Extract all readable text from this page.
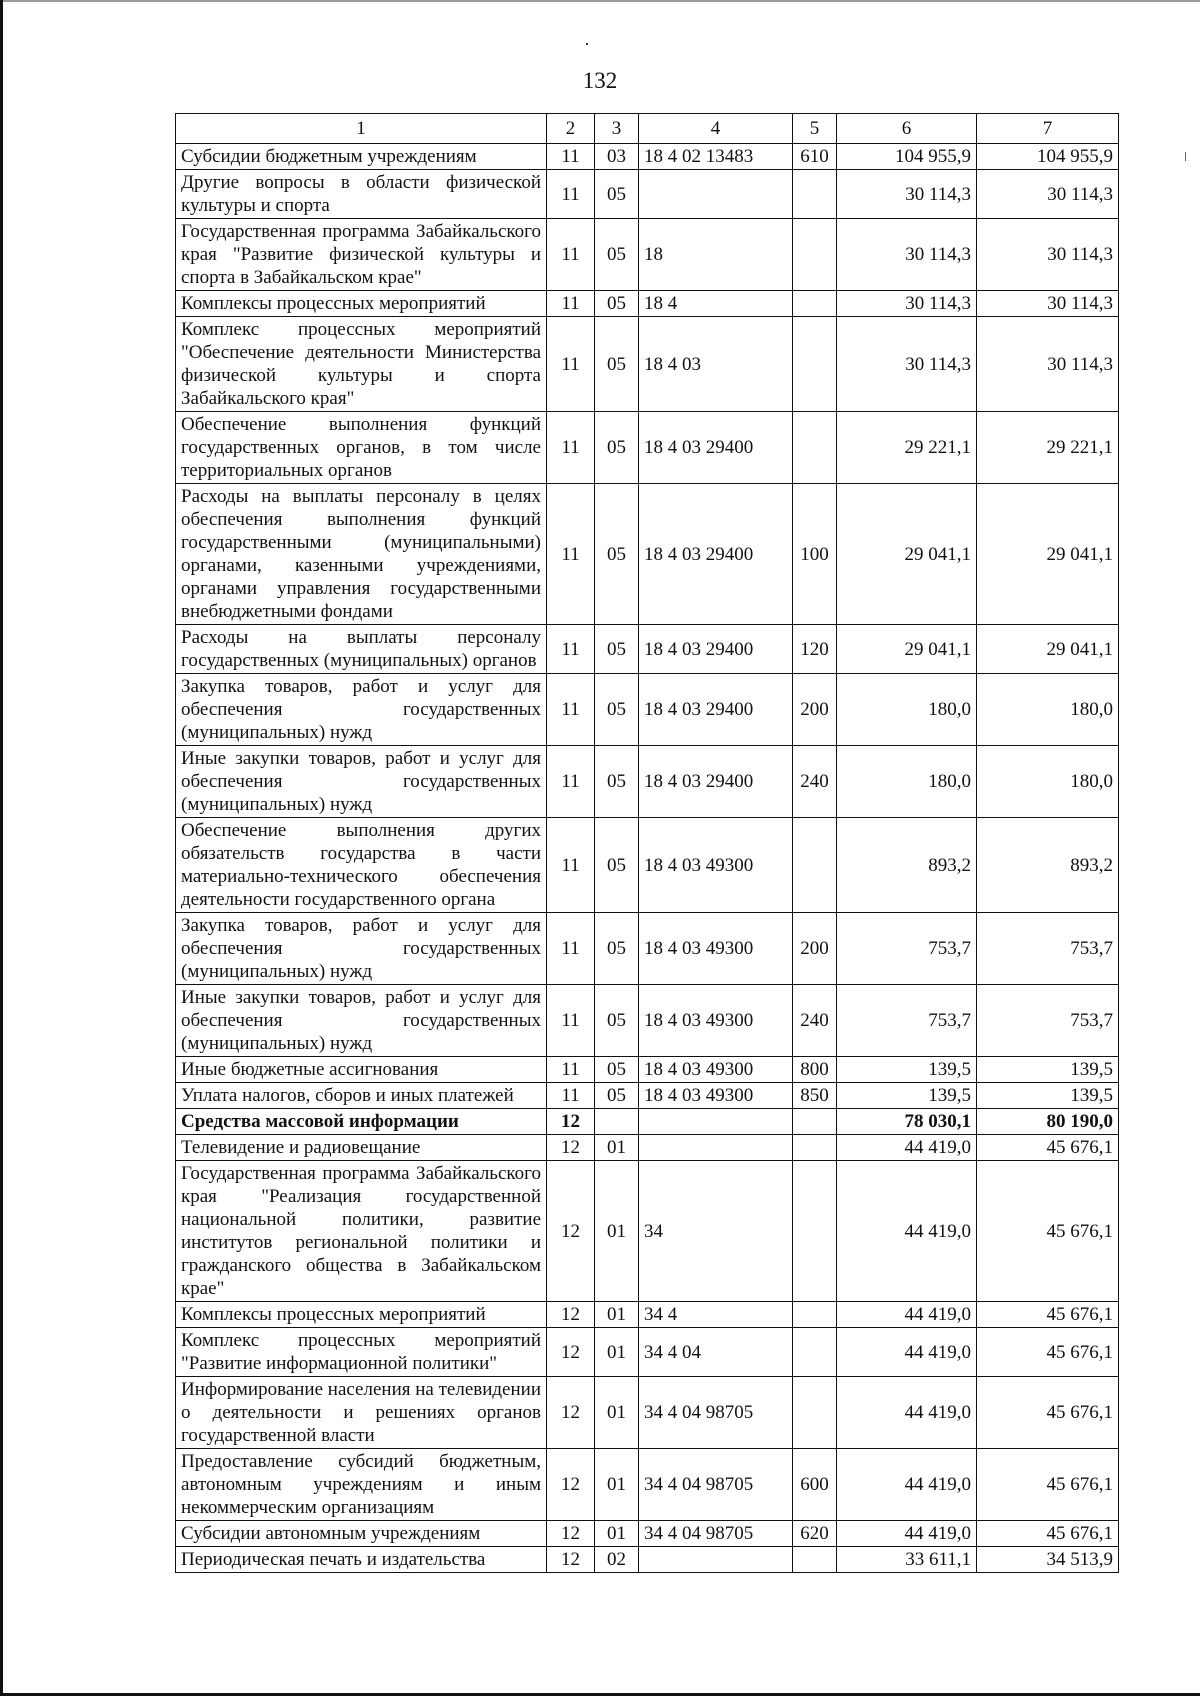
132
1	2	3	4	5	6	7
Субсидии бюджетным учреждениям	11	03	18 4 02 13483	610	104 955,9	104 955,9
Другие вопросы в области физической культуры и спорта	11	05			30 114,3	30 114,3
Государственная программа Забайкальского края "Развитие физической культуры и спорта в Забайкальском крае"	11	05	18		30 114,3	30 114,3
Комплексы процессных мероприятий	11	05	18 4		30 114,3	30 114,3
Комплекс процессных мероприятий "Обеспечение деятельности Министерства физической культуры и спорта Забайкальского края"	11	05	18 4 03		30 114,3	30 114,3
Обеспечение выполнения функций государственных органов, в том числе территориальных органов	11	05	18 4 03 29400		29 221,1	29 221,1
Расходы на выплаты персоналу в целях обеспечения выполнения функций государственными (муниципальными) органами, казенными учреждениями, органами управления государственными внебюджетными фондами	11	05	18 4 03 29400	100	29 041,1	29 041,1
Расходы на выплаты персоналу государственных (муниципальных) органов	11	05	18 4 03 29400	120	29 041,1	29 041,1
Закупка товаров, работ и услуг для обеспечения государственных (муниципальных) нужд	11	05	18 4 03 29400	200	180,0	180,0
Иные закупки товаров, работ и услуг для обеспечения государственных (муниципальных) нужд	11	05	18 4 03 29400	240	180,0	180,0
Обеспечение выполнения других обязательств государства в части материально-технического обеспечения деятельности государственного органа	11	05	18 4 03 49300		893,2	893,2
Закупка товаров, работ и услуг для обеспечения государственных (муниципальных) нужд	11	05	18 4 03 49300	200	753,7	753,7
Иные закупки товаров, работ и услуг для обеспечения государственных (муниципальных) нужд	11	05	18 4 03 49300	240	753,7	753,7
Иные бюджетные ассигнования	11	05	18 4 03 49300	800	139,5	139,5
Уплата налогов, сборов и иных платежей	11	05	18 4 03 49300	850	139,5	139,5
Средства массовой информации	12				78 030,1	80 190,0
Телевидение и радиовещание	12	01			44 419,0	45 676,1
Государственная программа Забайкальского края "Реализация государственной национальной политики, развитие институтов региональной политики и гражданского общества в Забайкальском крае"	12	01	34		44 419,0	45 676,1
Комплексы процессных мероприятий	12	01	34 4		44 419,0	45 676,1
Комплекс процессных мероприятий "Развитие информационной политики"	12	01	34 4 04		44 419,0	45 676,1
Информирование населения на телевидении о деятельности и решениях органов государственной власти	12	01	34 4 04 98705		44 419,0	45 676,1
Предоставление субсидий бюджетным, автономным учреждениям и иным некоммерческим организациям	12	01	34 4 04 98705	600	44 419,0	45 676,1
Субсидии автономным учреждениям	12	01	34 4 04 98705	620	44 419,0	45 676,1
Периодическая печать и издательства	12	02			33 611,1	34 513,9
